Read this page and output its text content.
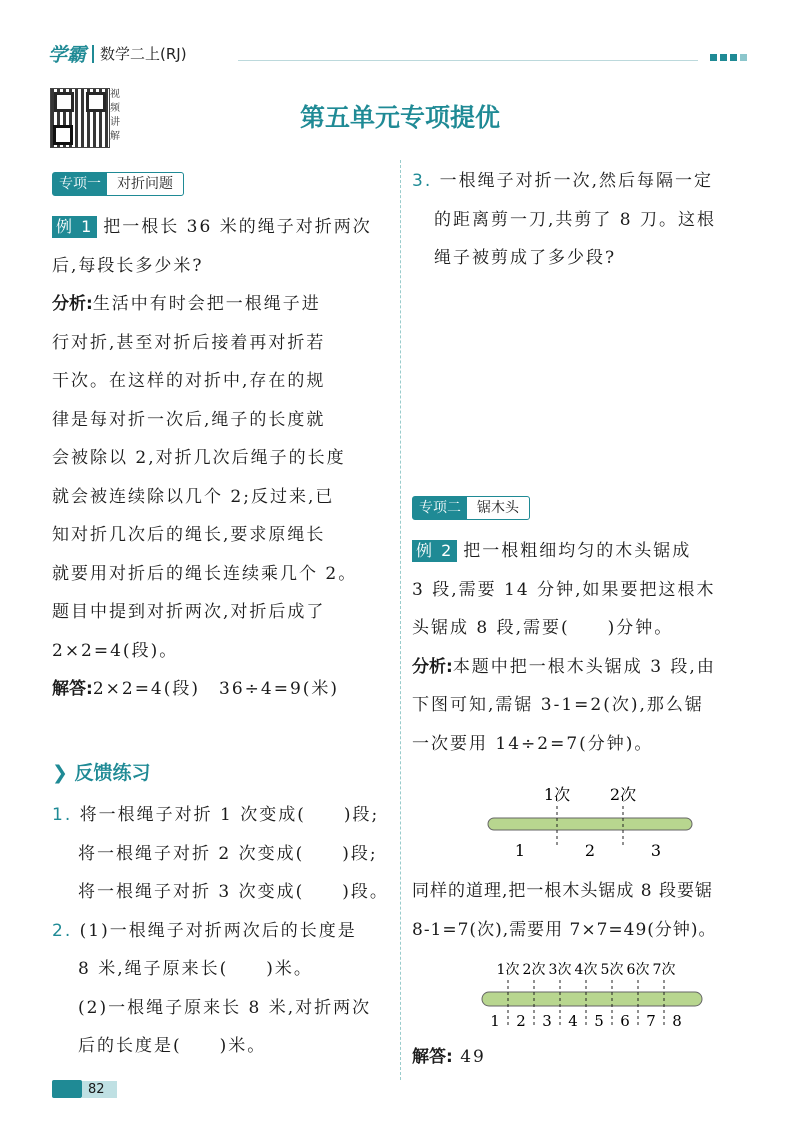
学霸 数学二上(RJ)
视频讲解
第五单元专项提优
专项一	对折问题
例 1 把一根长 36 米的绳子对折两次
后,每段长多少米?
分析:生活中有时会把一根绳子进
行对折,甚至对折后接着再对折若
干次。在这样的对折中,存在的规
律是每对折一次后,绳子的长度就
会被除以 2,对折几次后绳子的长度
就会被连续除以几个 2;反过来,已
知对折几次后的绳长,要求原绳长
就要用对折后的绳长连续乘几个 2。
题目中提到对折两次,对折后成了
2×2=4(段)。
解答:2×2=4(段)　36÷4=9(米)
❯ 反馈练习
1. 将一根绳子对折 1 次变成(　　)段;
将一根绳子对折 2 次变成(　　)段;
将一根绳子对折 3 次变成(　　)段。
2. (1)一根绳子对折两次后的长度是
8 米,绳子原来长(　　)米。
(2)一根绳子原来长 8 米,对折两次
后的长度是(　　)米。
3. 一根绳子对折一次,然后每隔一定
的距离剪一刀,共剪了 8 刀。这根
绳子被剪成了多少段?
专项二	锯木头
例 2 把一根粗细均匀的木头锯成
3 段,需要 14 分钟,如果要把这根木
头锯成 8 段,需要(　　)分钟。
分析:本题中把一根木头锯成 3 段,由
下图可知,需锯 3-1=2(次),那么锯
一次要用 14÷2=7(分钟)。
1次 2次
1	2	3
同样的道理,把一根木头锯成 8 段要锯
8-1=7(次),需要用 7×7=49(分钟)。
1次 2次 3次 4次 5次 6次 7次
1 2 3 4 5 6 7 8
解答: 49
82
